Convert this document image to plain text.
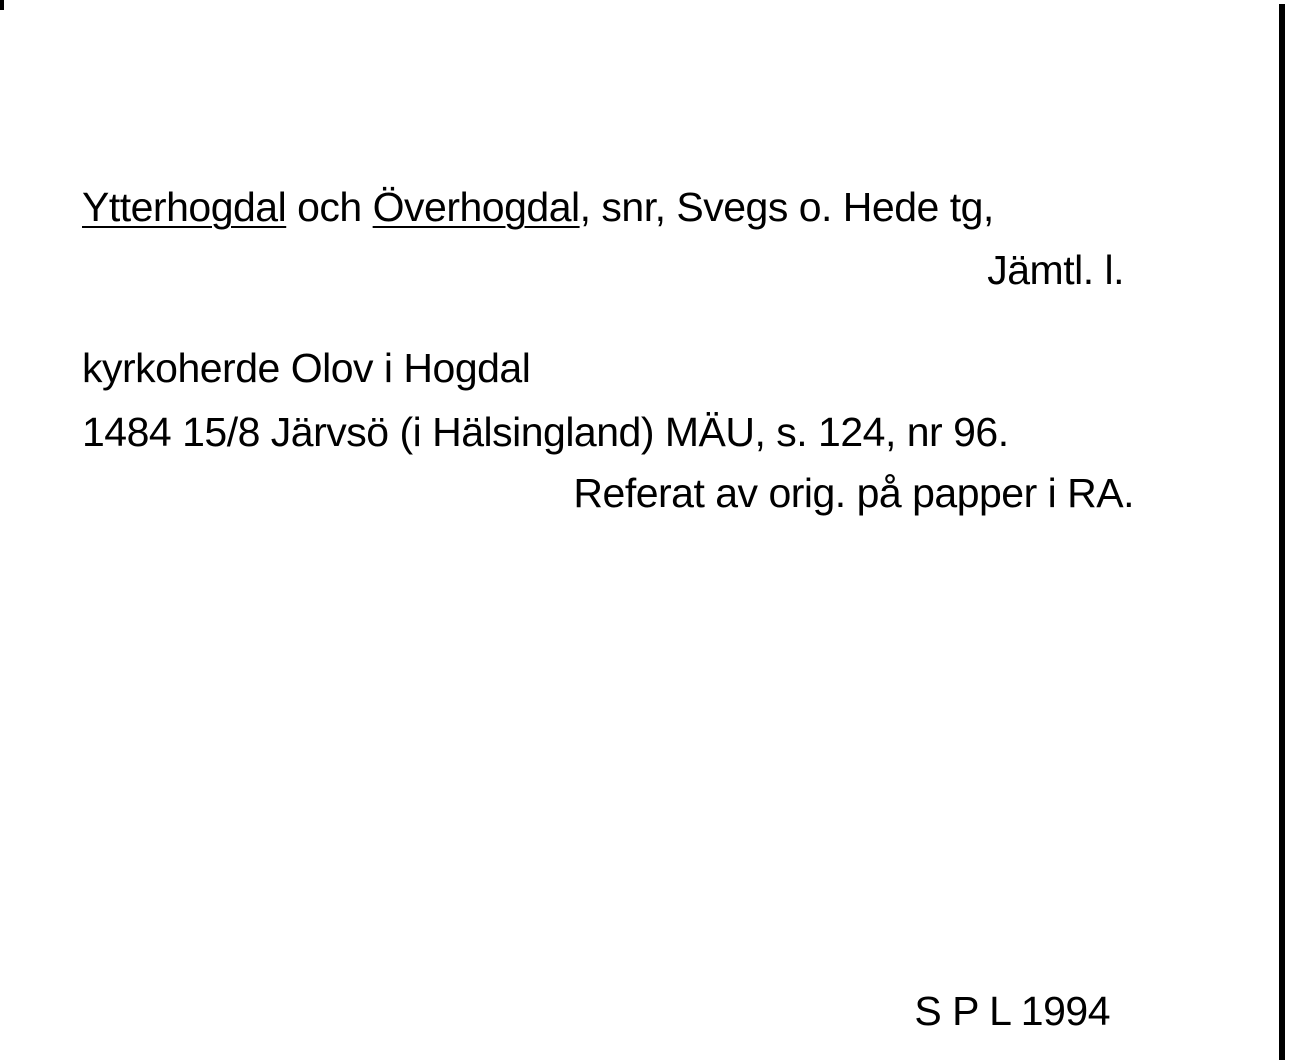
Ytterhogdal och Överhogdal, snr, Svegs o. Hede tg,
Jämtl. l.
kyrkoherde Olov i Hogdal
1484 15/8 Järvsö (i Hälsingland) MÄU, s. 124, nr 96.
Referat av orig. på papper i RA.
S P L 1994
